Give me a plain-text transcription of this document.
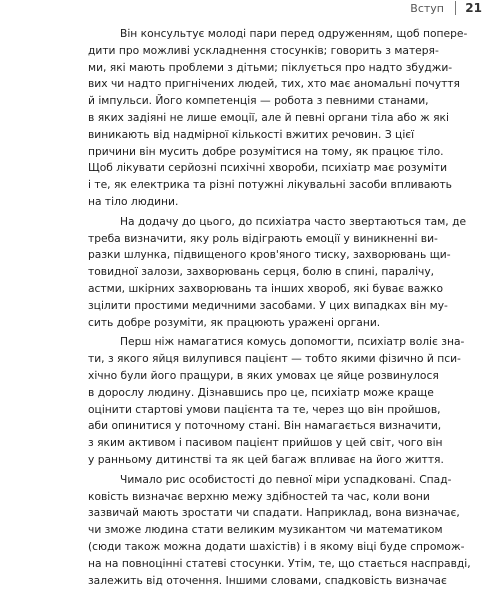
Вступ 21
Він консультує молоді пари перед одруженням, щоб попере-
дити про можливі ускладнення стосунків; говорить з матеря-
ми, які мають проблеми з дітьми; піклується про надто збуджи-
вих чи надто пригнічених людей, тих, хто має аномальні почуття
й імпульси. Його компетенція — робота з певними станами,
в яких задіяні не лише емоції, але й певні органи тіла або ж які
виникають від надмірної кількості вжитих речовин. З цієї
причини він мусить добре розумітися на тому, як працює тіло.
Щоб лікувати серйозні психічні хвороби, психіатр має розуміти
і те, як електрика та різні потужні лікувальні засоби впливають
на тіло людини.
На додачу до цього, до психіатра часто звертаються там, де
треба визначити, яку роль відіграють емоції у виникненні ви-
разки шлунка, підвищеного кров'яного тиску, захворювань щи-
товидної залози, захворювань серця, болю в спині, паралічу,
астми, шкірних захворювань та інших хвороб, які буває важко
зцілити простими медичними засобами. У цих випадках він му-
сить добре розуміти, як працюють уражені органи.
Перш ніж намагатися комусь допомогти, психіатр воліє зна-
ти, з якого яйця вилупився пацієнт — тобто якими фізично й пси-
хічно були його пращури, в яких умовах це яйце розвинулося
в дорослу людину. Дізнавшись про це, психіатр може краще
оцінити стартові умови пацієнта та те, через що він пройшов,
аби опинитися у поточному стані. Він намагається визначити,
з яким активом і пасивом пацієнт прийшов у цей світ, чого він
у ранньому дитинстві та як цей багаж впливає на його життя.
Чимало рис особистості до певної міри успадковані. Спад-
ковість визначає верхню межу здібностей та час, коли вони
зазвичай мають зростати чи спадати. Наприклад, вона визначає,
чи зможе людина стати великим музикантом чи математиком
(сюди також можна додати шахістів) і в якому віці буде спромож-
на на повноцінні статеві стосунки. Утім, те, що стається насправді,
залежить від оточення. Іншими словами, спадковість визначає
